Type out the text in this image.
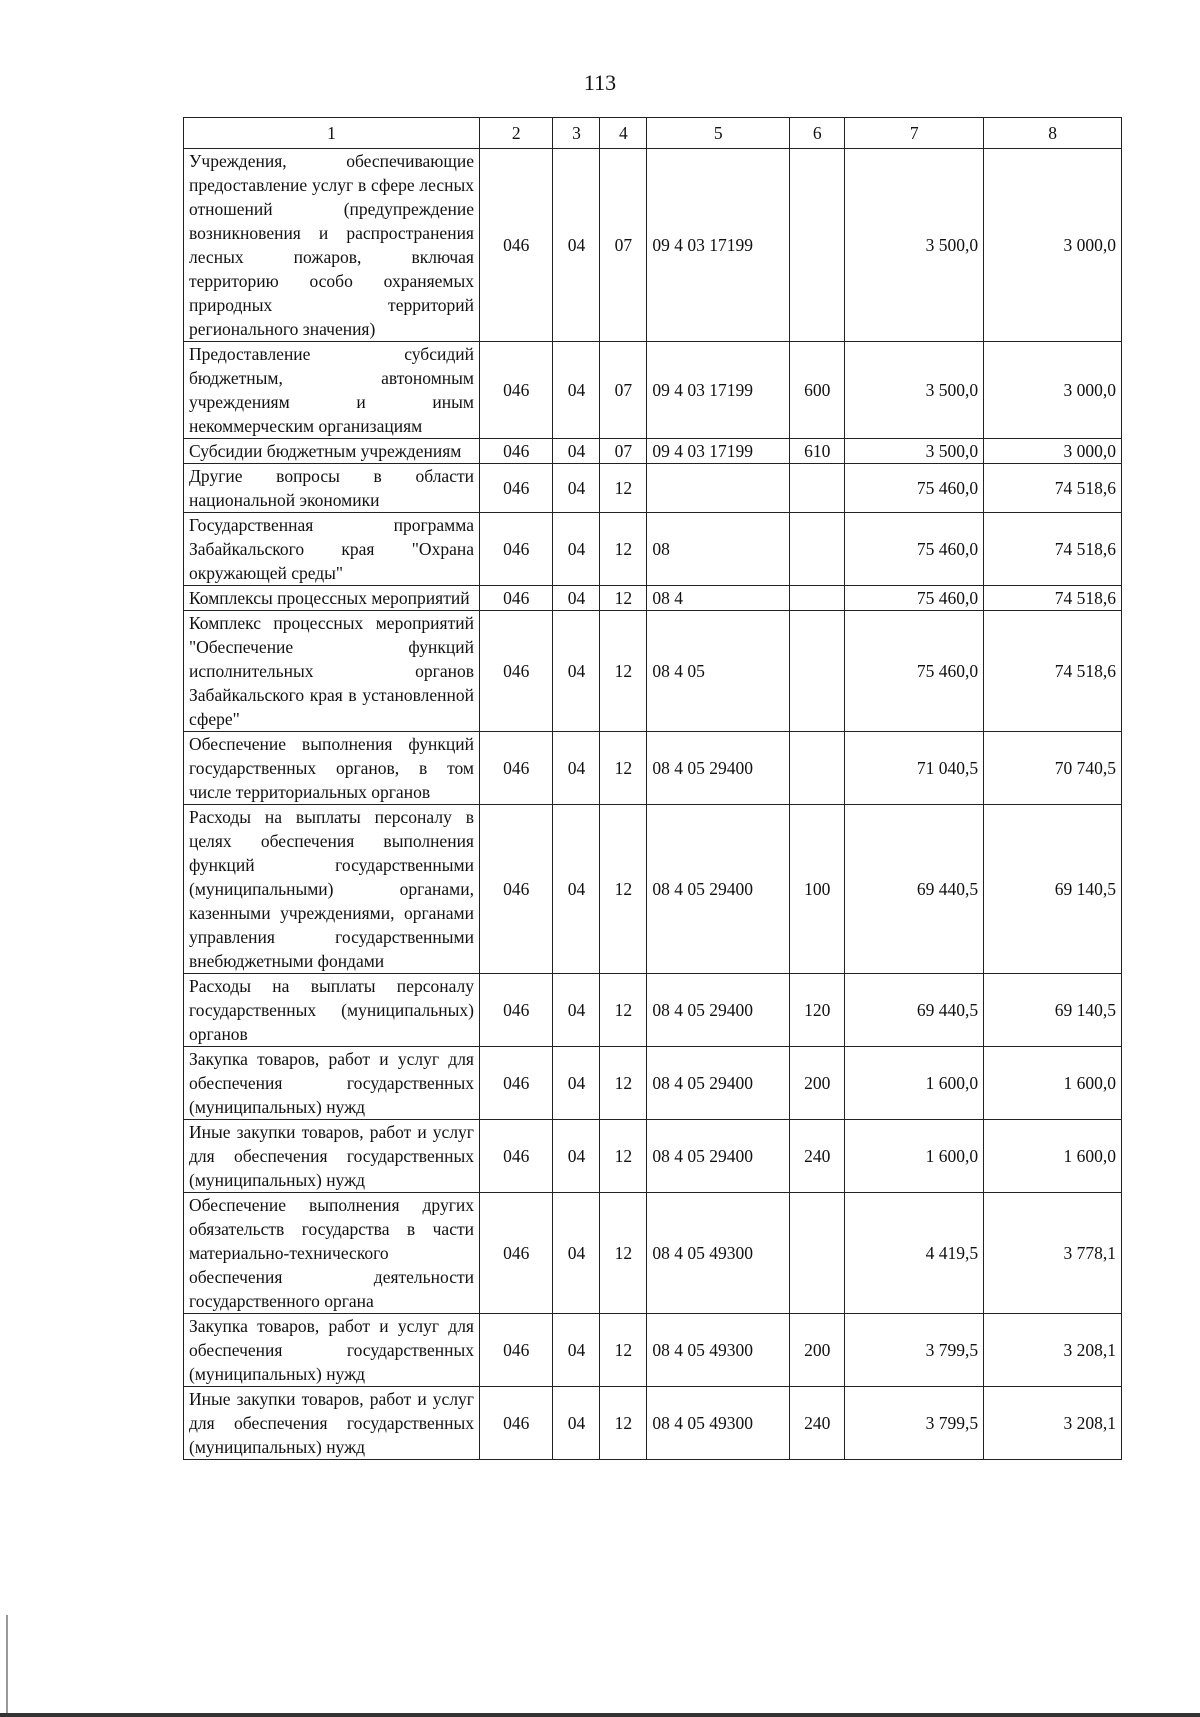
113
1	2	3	4	5	6	7	8
Учреждения, обеспечивающие предоставление услуг в сфере лесных отношений (предупреждение возникновения и распространения лесных пожаров, включая территорию особо охраняемых природных территорий регионального значения)	046	04	07	09 4 03 17199		3 500,0	3 000,0
Предоставление субсидий бюджетным, автономным учреждениям и иным некоммерческим организациям	046	04	07	09 4 03 17199	600	3 500,0	3 000,0
Субсидии бюджетным учреждениям	046	04	07	09 4 03 17199	610	3 500,0	3 000,0
Другие вопросы в области национальной экономики	046	04	12			75 460,0	74 518,6
Государственная программа Забайкальского края "Охрана окружающей среды"	046	04	12	08		75 460,0	74 518,6
Комплексы процессных мероприятий	046	04	12	08 4		75 460,0	74 518,6
Комплекс процессных мероприятий "Обеспечение функций исполнительных органов Забайкальского края в установленной сфере"	046	04	12	08 4 05		75 460,0	74 518,6
Обеспечение выполнения функций государственных органов, в том числе территориальных органов	046	04	12	08 4 05 29400		71 040,5	70 740,5
Расходы на выплаты персоналу в целях обеспечения выполнения функций государственными (муниципальными) органами, казенными учреждениями, органами управления государственными внебюджетными фондами	046	04	12	08 4 05 29400	100	69 440,5	69 140,5
Расходы на выплаты персоналу государственных (муниципальных) органов	046	04	12	08 4 05 29400	120	69 440,5	69 140,5
Закупка товаров, работ и услуг для обеспечения государственных (муниципальных) нужд	046	04	12	08 4 05 29400	200	1 600,0	1 600,0
Иные закупки товаров, работ и услуг для обеспечения государственных (муниципальных) нужд	046	04	12	08 4 05 29400	240	1 600,0	1 600,0
Обеспечение выполнения других обязательств государства в части материально-технического обеспечения деятельности государственного органа	046	04	12	08 4 05 49300		4 419,5	3 778,1
Закупка товаров, работ и услуг для обеспечения государственных (муниципальных) нужд	046	04	12	08 4 05 49300	200	3 799,5	3 208,1
Иные закупки товаров, работ и услуг для обеспечения государственных (муниципальных) нужд	046	04	12	08 4 05 49300	240	3 799,5	3 208,1
